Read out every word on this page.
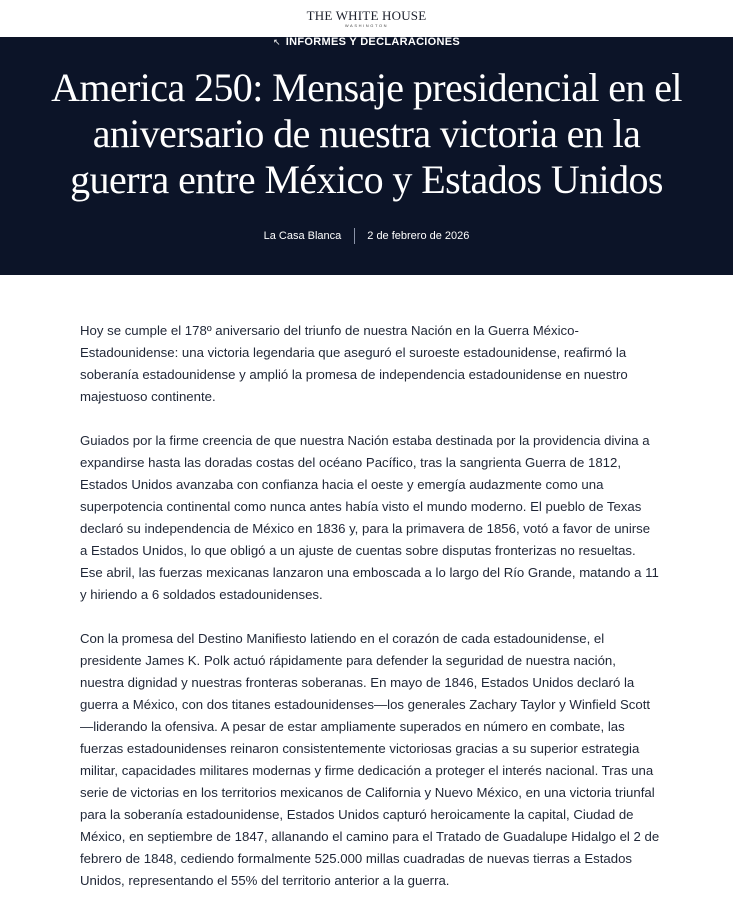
THE WHITE HOUSE
WASHINGTON
↖ INFORMES Y DECLARACIONES
America 250: Mensaje presidencial en el aniversario de nuestra victoria en la guerra entre México y Estados Unidos
La Casa Blanca 2 de febrero de 2026

Hoy se cumple el 178º aniversario del triunfo de nuestra Nación en la Guerra México-Estadounidense: una victoria legendaria que aseguró el suroeste estadounidense, reafirmó la soberanía estadounidense y amplió la promesa de independencia estadounidense en nuestro majestuoso continente.

Guiados por la firme creencia de que nuestra Nación estaba destinada por la providencia divina a expandirse hasta las doradas costas del océano Pacífico, tras la sangrienta Guerra de 1812, Estados Unidos avanzaba con confianza hacia el oeste y emergía audazmente como una superpotencia continental como nunca antes había visto el mundo moderno. El pueblo de Texas declaró su independencia de México en 1836 y, para la primavera de 1856, votó a favor de unirse a Estados Unidos, lo que obligó a un ajuste de cuentas sobre disputas fronterizas no resueltas. Ese abril, las fuerzas mexicanas lanzaron una emboscada a lo largo del Río Grande, matando a 11 y hiriendo a 6 soldados estadounidenses.

Con la promesa del Destino Manifiesto latiendo en el corazón de cada estadounidense, el presidente James K. Polk actuó rápidamente para defender la seguridad de nuestra nación, nuestra dignidad y nuestras fronteras soberanas. En mayo de 1846, Estados Unidos declaró la guerra a México, con dos titanes estadounidenses—los generales Zachary Taylor y Winfield Scott—liderando la ofensiva. A pesar de estar ampliamente superados en número en combate, las fuerzas estadounidenses reinaron consistentemente victoriosas gracias a su superior estrategia militar, capacidades militares modernas y firme dedicación a proteger el interés nacional. Tras una serie de victorias en los territorios mexicanos de California y Nuevo México, en una victoria triunfal para la soberanía estadounidense, Estados Unidos capturó heroicamente la capital, Ciudad de México, en septiembre de 1847, allanando el camino para el Tratado de Guadalupe Hidalgo el 2 de febrero de 1848, cediendo formalmente 525.000 millas cuadradas de nuevas tierras a Estados Unidos, representando el 55% del territorio anterior a la guerra.
